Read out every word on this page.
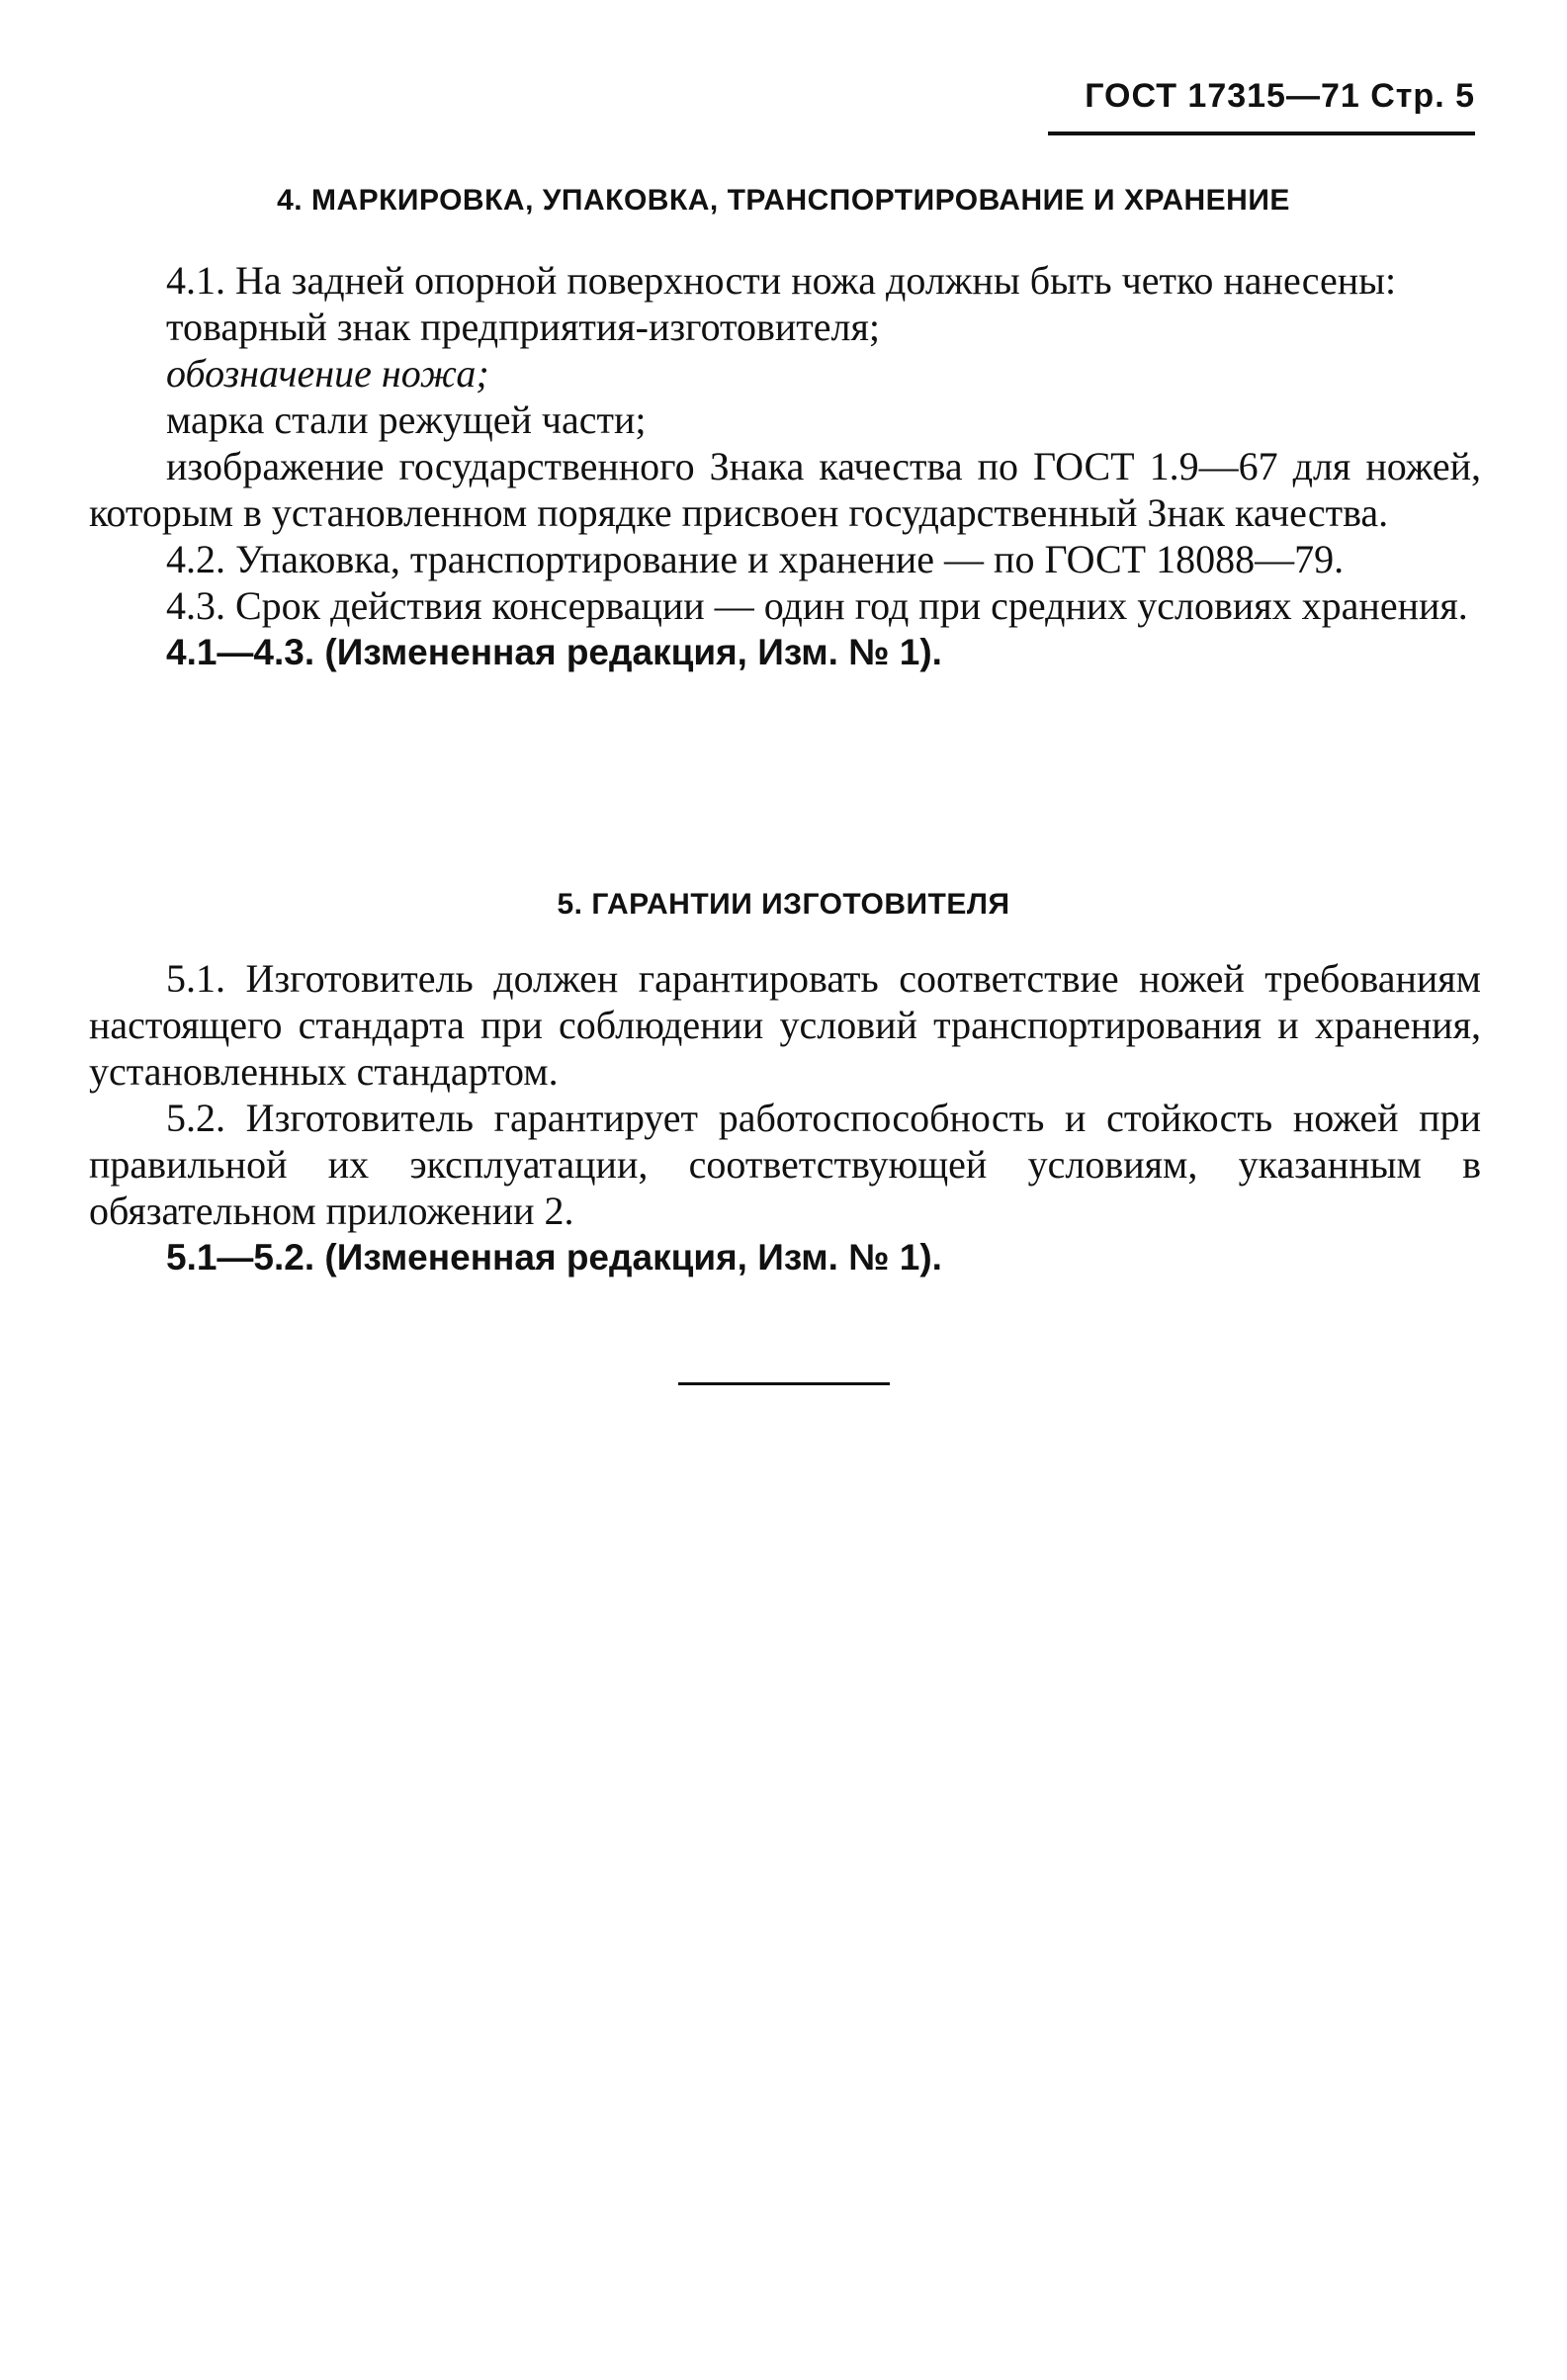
ГОСТ 17315—71 Стр. 5
4. МАРКИРОВКА, УПАКОВКА, ТРАНСПОРТИРОВАНИЕ И ХРАНЕНИЕ

4.1. На задней опорной поверхности ножа должны быть четко нанесены:

товарный знак предприятия-изготовителя;

обозначение ножа;

марка стали режущей части;

изображение государственного Знака качества по ГОСТ 1.9—67 для ножей, которым в установленном порядке присвоен государственный Знак качества.

4.2. Упаковка, транспортирование и хранение — по ГОСТ 18088—79.

4.3. Срок действия консервации — один год при средних условиях хранения.

4.1—4.3. (Измененная редакция, Изм. № 1).

5. ГАРАНТИИ ИЗГОТОВИТЕЛЯ

5.1. Изготовитель должен гарантировать соответствие ножей требованиям настоящего стандарта при соблюдении условий транспортирования и хранения, установленных стандартом.

5.2. Изготовитель гарантирует работоспособность и стойкость ножей при правильной их эксплуатации, соответствующей условиям, указанным в обязательном приложении 2.

5.1—5.2. (Измененная редакция, Изм. № 1).
